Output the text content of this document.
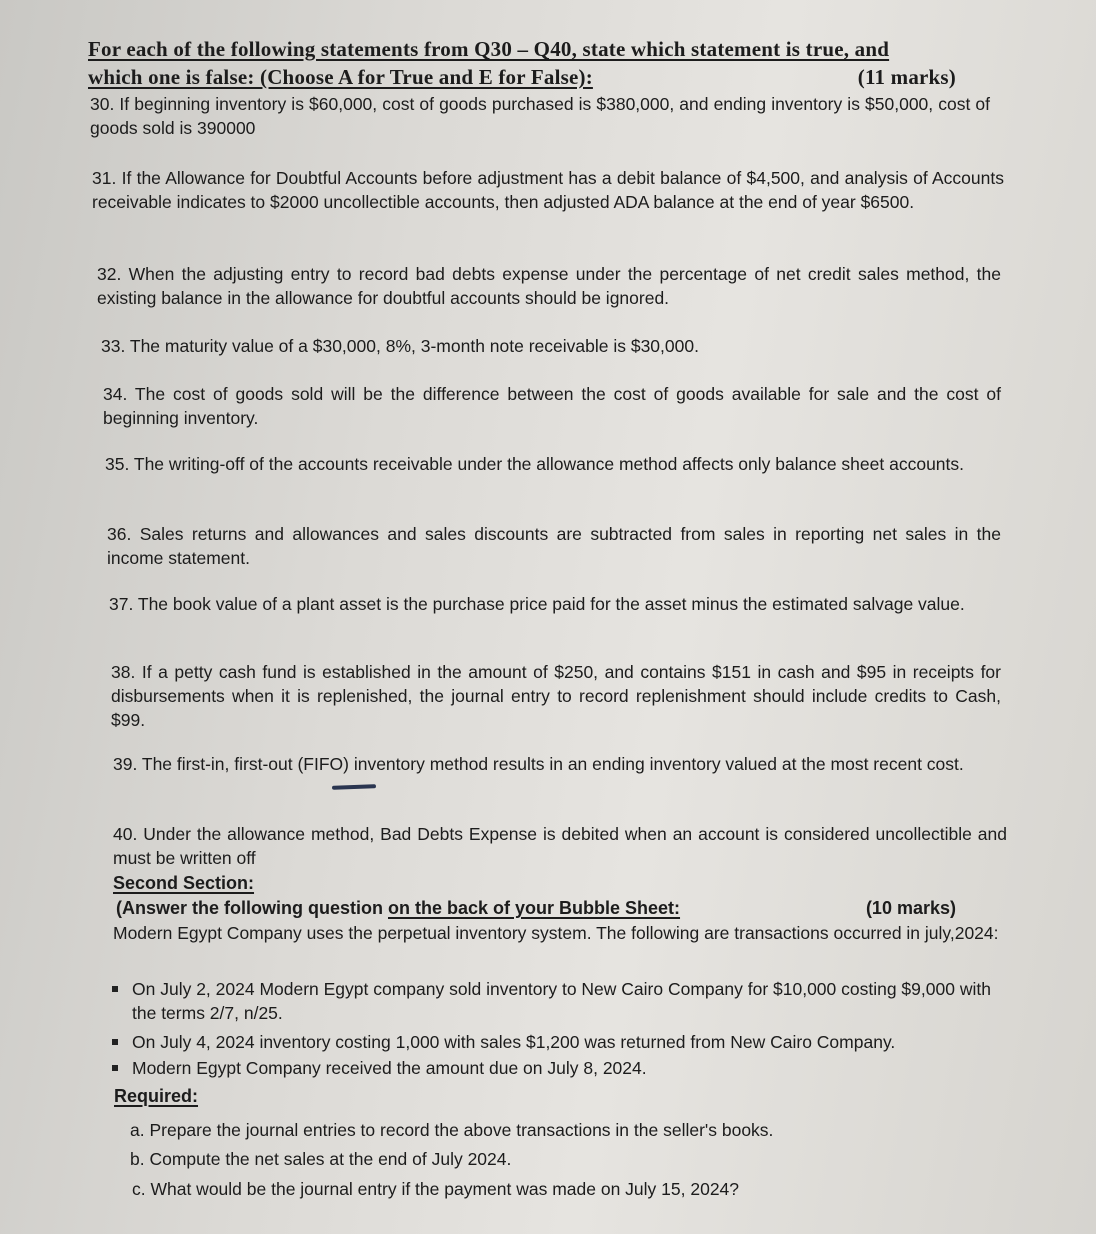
For each of the following statements from Q30 – Q40, state which statement is true, and

which one is false: (Choose A for True and E for False):	(11 marks)

30. If beginning inventory is $60,000, cost of goods purchased is $380,000, and ending inventory is $50,000, cost of goods sold is 390000

31. If the Allowance for Doubtful Accounts before adjustment has a debit balance of $4,500, and analysis of Accounts receivable indicates to $2000 uncollectible accounts, then adjusted ADA balance at the end of year $6500.

32. When the adjusting entry to record bad debts expense under the percentage of net credit sales method, the existing balance in the allowance for doubtful accounts should be ignored.

33. The maturity value of a $30,000, 8%, 3-month note receivable is $30,000.

34. The cost of goods sold will be the difference between the cost of goods available for sale and the cost of beginning inventory.

35. The writing-off of the accounts receivable under the allowance method affects only balance sheet accounts.

36. Sales returns and allowances and sales discounts are subtracted from sales in reporting net sales in the income statement.

37. The book value of a plant asset is the purchase price paid for the asset minus the estimated salvage value.

38. If a petty cash fund is established in the amount of $250, and contains $151 in cash and $95 in receipts for disbursements when it is replenished, the journal entry to record replenishment should include credits to Cash, $99.

39. The first-in, first-out (FIFO) inventory method results in an ending inventory valued at the most recent cost.

40. Under the allowance method, Bad Debts Expense is debited when an account is considered uncollectible and must be written off

Second Section:

(Answer the following question on the back of your Bubble Sheet:	(10 marks)

Modern Egypt Company uses the perpetual inventory system. The following are transactions occurred in july,2024:

On July 2, 2024 Modern Egypt company sold inventory to New Cairo Company for $10,000 costing $9,000 with the terms 2/7, n/25.
On July 4, 2024 inventory costing 1,000 with sales $1,200 was returned from New Cairo Company.
Modern Egypt Company received the amount due on July 8, 2024.

Required:

a. Prepare the journal entries to record the above transactions in the seller's books.

b. Compute the net sales at the end of July 2024.

c. What would be the journal entry if the payment was made on July 15, 2024?
